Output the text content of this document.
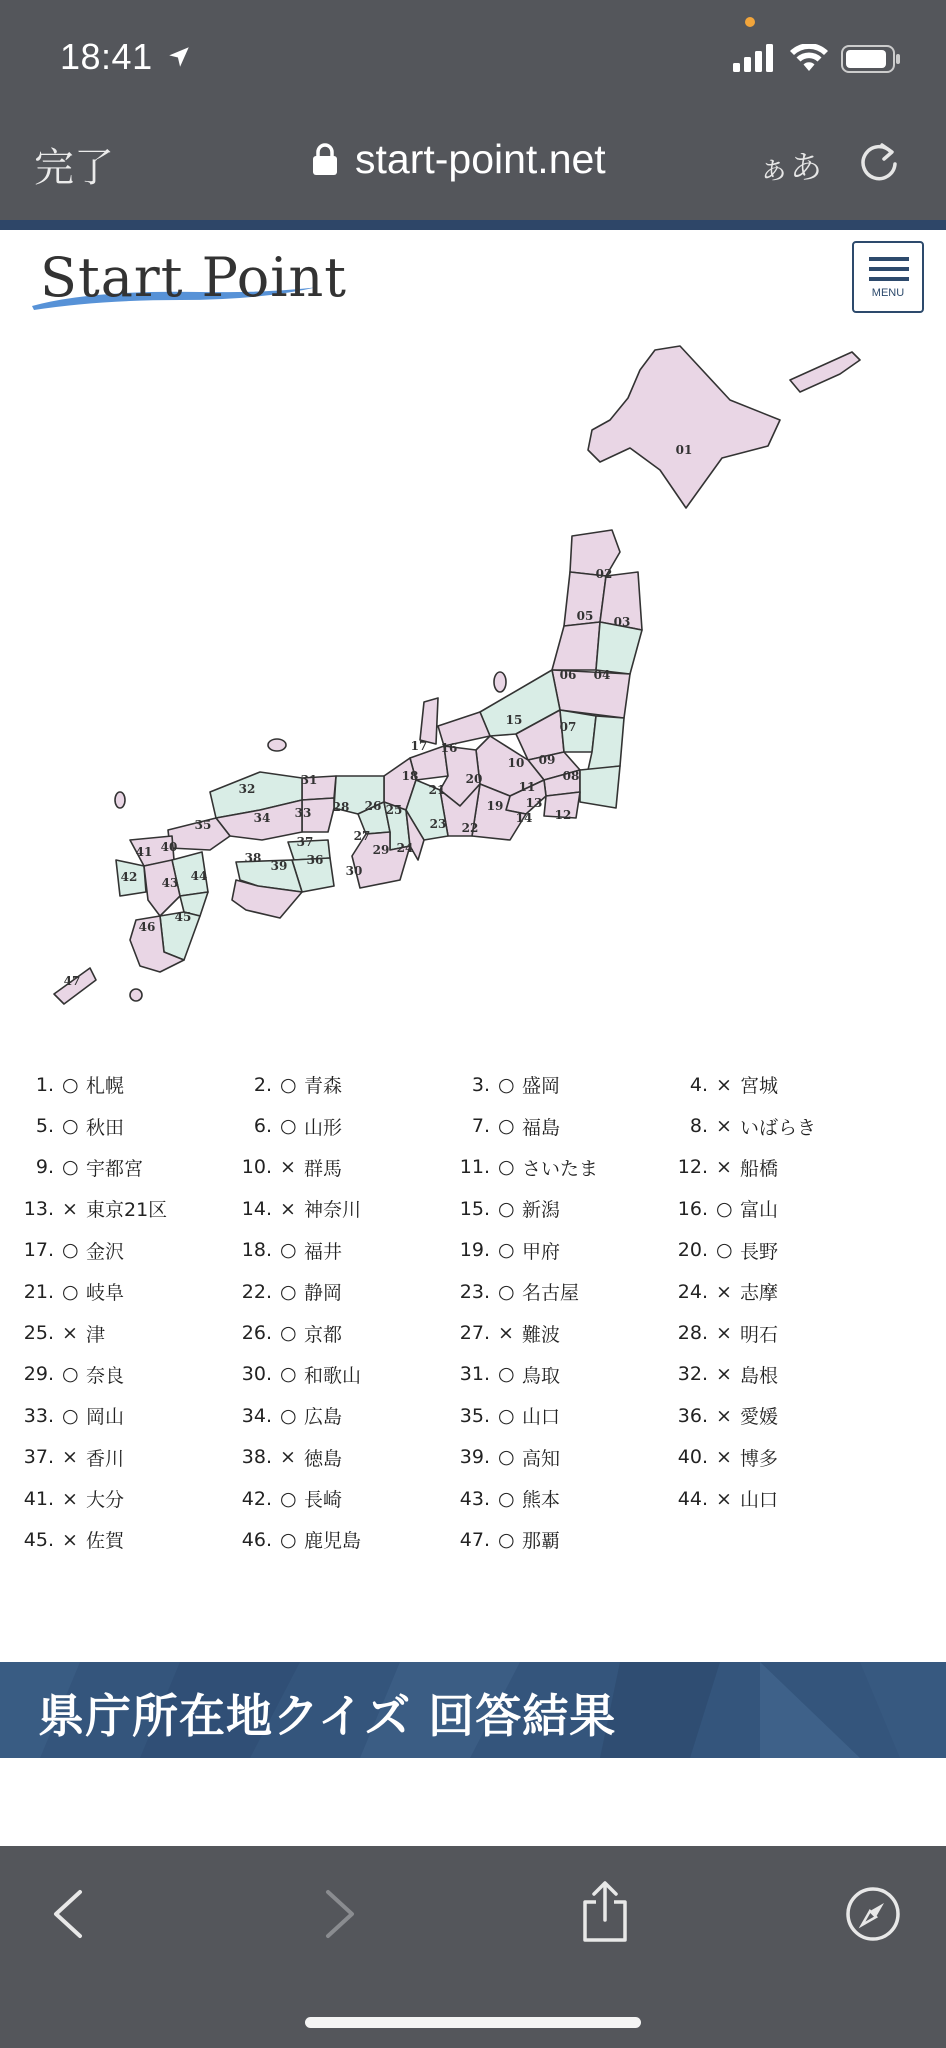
18:41
完了	start-point.net	ぁあ
Start Point	MENU
01
02
03
04
05
06
07
08
09
10
11
12
13
14
15
16
17
18
19
20
21
22
23
24
25
26
27
28
29
30
31
32
33
34
35
36
37
38
39
40
41
42 43 44
45
46
47
1. ○ 札幌	2. ○ 青森	3. ○ 盛岡	4. × 宮城
5. ○ 秋田	6. ○ 山形	7. ○ 福島	8. × いばらき
9. ○ 宇都宮	10. × 群馬	11. ○ さいたま	12. × 船橋
13. × 東京21区	14. × 神奈川	15. ○ 新潟	16. ○ 富山
17. ○ 金沢	18. ○ 福井	19. ○ 甲府	20. ○ 長野
21. ○ 岐阜	22. ○ 静岡	23. ○ 名古屋	24. × 志摩
25. × 津	26. ○ 京都	27. × 難波	28. × 明石
29. ○ 奈良	30. ○ 和歌山	31. ○ 鳥取	32. × 島根
33. ○ 岡山	34. ○ 広島	35. ○ 山口	36. × 愛媛
37. × 香川	38. × 徳島	39. ○ 高知	40. × 博多
41. × 大分	42. ○ 長崎	43. ○ 熊本	44. × 山口
45. × 佐賀	46. ○ 鹿児島	47. ○ 那覇
県庁所在地クイズ 回答結果
